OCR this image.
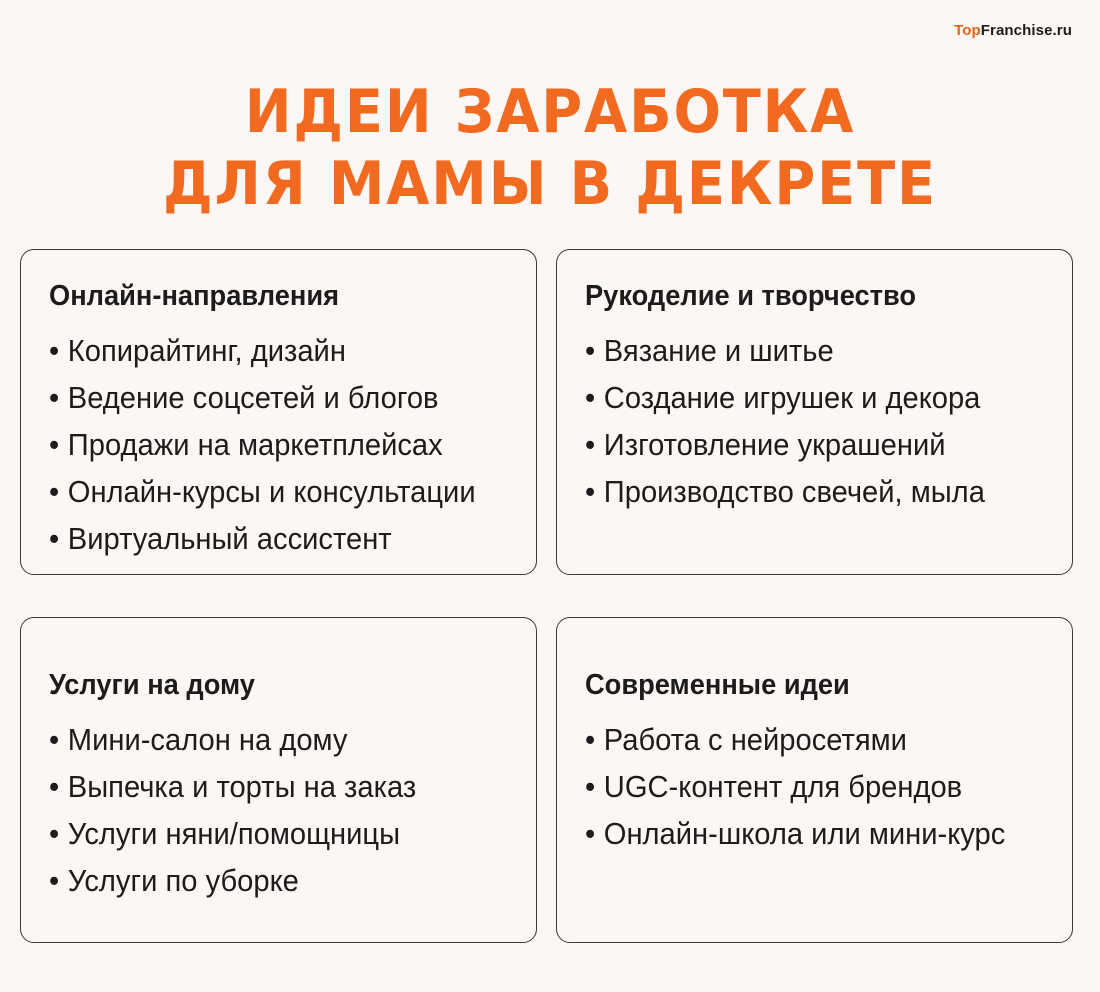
TopFranchise.ru
ИДЕИ ЗАРАБОТКА
ДЛЯ МАМЫ В ДЕКРЕТЕ
Онлайн-направления
• Копирайтинг, дизайн
• Ведение соцсетей и блогов
• Продажи на маркетплейсах
• Онлайн-курсы и консультации
• Виртуальный ассистент
Рукоделие и творчество
• Вязание и шитье
• Создание игрушек и декора
• Изготовление украшений
• Производство свечей, мыла
Услуги на дому
• Мини-салон на дому
• Выпечка и торты на заказ
• Услуги няни/помощницы
• Услуги по уборке
Современные идеи
• Работа с нейросетями
• UGC-контент для брендов
• Онлайн-школа или мини-курс
